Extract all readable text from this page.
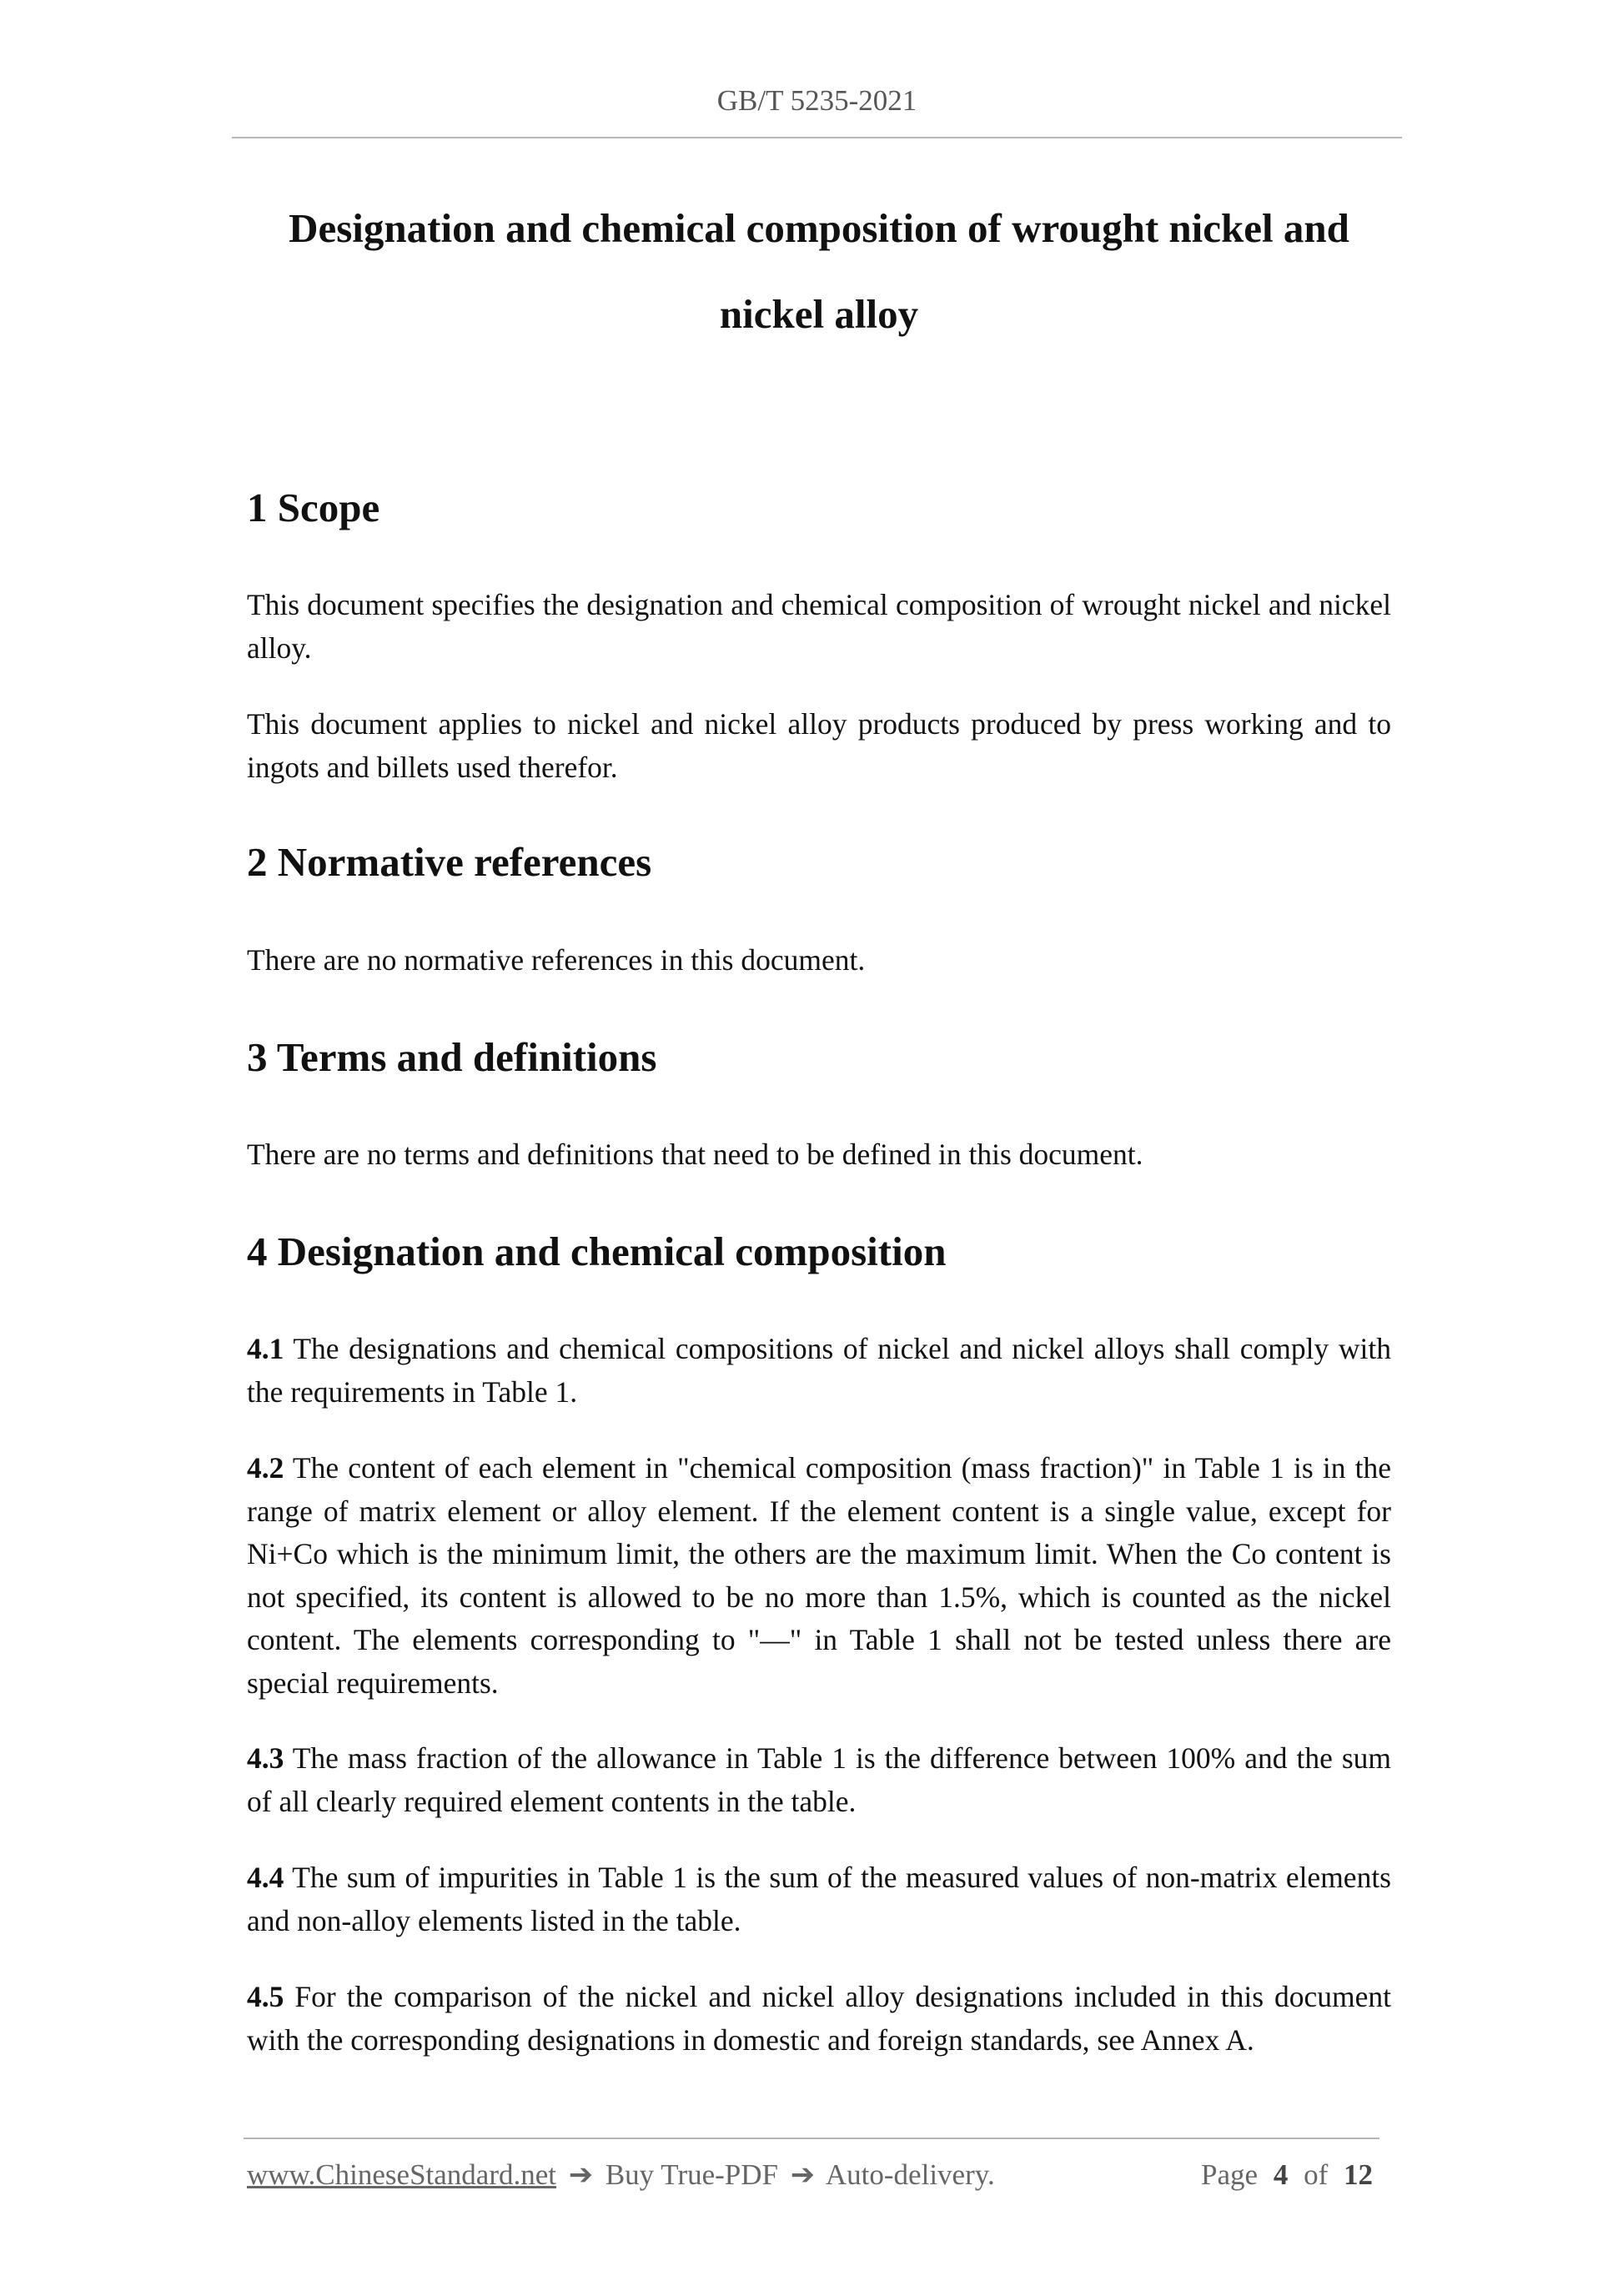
GB/T 5235-2021
Designation and chemical composition of wrought nickel and
nickel alloy
1 Scope

This document specifies the designation and chemical composition of wrought nickel and nickel alloy.

This document applies to nickel and nickel alloy products produced by press working and to ingots and billets used therefor.

2 Normative references

There are no normative references in this document.

3 Terms and definitions

There are no terms and definitions that need to be defined in this document.

4 Designation and chemical composition

4.1 The designations and chemical compositions of nickel and nickel alloys shall comply with the requirements in Table 1.

4.2 The content of each element in "chemical composition (mass fraction)" in Table 1 is in the range of matrix element or alloy element. If the element content is a single value, except for Ni+Co which is the minimum limit, the others are the maximum limit. When the Co content is not specified, its content is allowed to be no more than 1.5%, which is counted as the nickel content. The elements corresponding to "—" in Table 1 shall not be tested unless there are special requirements.

4.3 The mass fraction of the allowance in Table 1 is the difference between 100% and the sum of all clearly required element contents in the table.

4.4 The sum of impurities in Table 1 is the sum of the measured values of non-matrix elements and non-alloy elements listed in the table.

4.5 For the comparison of the nickel and nickel alloy designations included in this document with the corresponding designations in domestic and foreign standards, see Annex A.

www.ChineseStandard.net ➔ Buy True-PDF ➔ Auto-delivery.	Page 4 of 12
